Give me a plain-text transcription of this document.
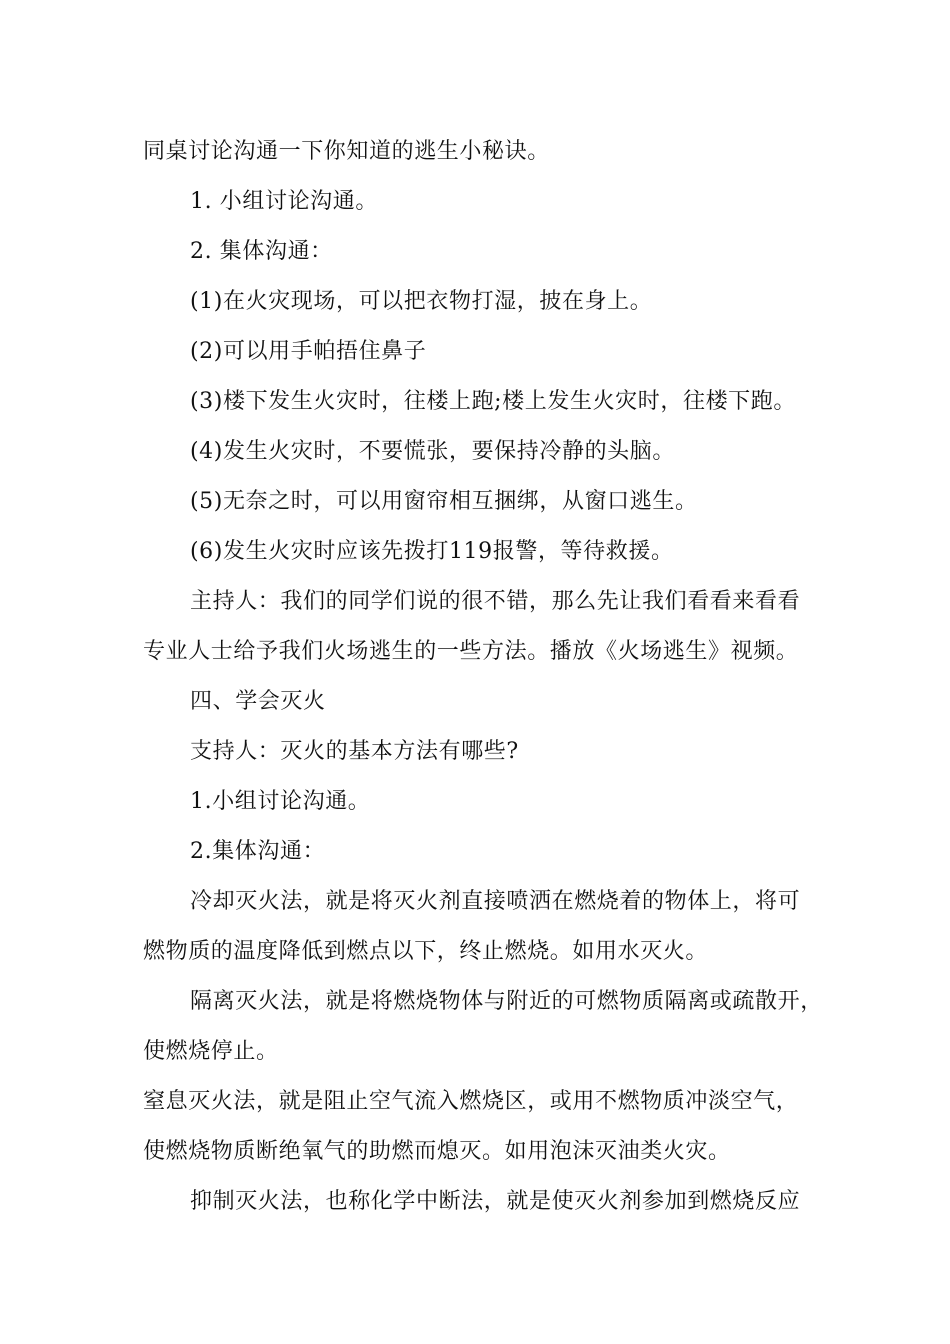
同桌讨论沟通一下你知道的逃生小秘诀。
1. 小组讨论沟通。
2. 集体沟通：
(1)在火灾现场，可以把衣物打湿，披在身上。
(2)可以用手帕捂住鼻子
(3)楼下发生火灾时，往楼上跑;楼上发生火灾时，往楼下跑。
(4)发生火灾时，不要慌张，要保持冷静的头脑。
(5)无奈之时，可以用窗帘相互捆绑，从窗口逃生。
(6)发生火灾时应该先拨打119报警，等待救援。
主持人：我们的同学们说的很不错，那么先让我们看看来看看
专业人士给予我们火场逃生的一些方法。播放《火场逃生》视频。
四、学会灭火
支持人：灭火的基本方法有哪些?
1.小组讨论沟通。
2.集体沟通：
冷却灭火法，就是将灭火剂直接喷洒在燃烧着的物体上，将可
燃物质的温度降低到燃点以下，终止燃烧。如用水灭火。
隔离灭火法，就是将燃烧物体与附近的可燃物质隔离或疏散开，
使燃烧停止。
窒息灭火法，就是阻止空气流入燃烧区，或用不燃物质冲淡空气，
使燃烧物质断绝氧气的助燃而熄灭。如用泡沫灭油类火灾。
抑制灭火法，也称化学中断法，就是使灭火剂参加到燃烧反应
